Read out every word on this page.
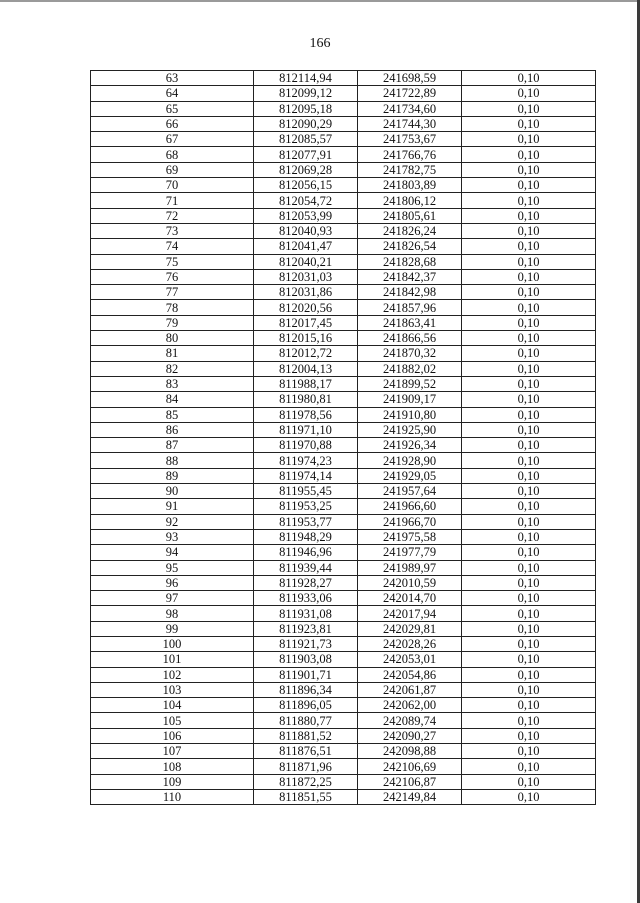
166
63	812114,94	241698,59	0,10
64	812099,12	241722,89	0,10
65	812095,18	241734,60	0,10
66	812090,29	241744,30	0,10
67	812085,57	241753,67	0,10
68	812077,91	241766,76	0,10
69	812069,28	241782,75	0,10
70	812056,15	241803,89	0,10
71	812054,72	241806,12	0,10
72	812053,99	241805,61	0,10
73	812040,93	241826,24	0,10
74	812041,47	241826,54	0,10
75	812040,21	241828,68	0,10
76	812031,03	241842,37	0,10
77	812031,86	241842,98	0,10
78	812020,56	241857,96	0,10
79	812017,45	241863,41	0,10
80	812015,16	241866,56	0,10
81	812012,72	241870,32	0,10
82	812004,13	241882,02	0,10
83	811988,17	241899,52	0,10
84	811980,81	241909,17	0,10
85	811978,56	241910,80	0,10
86	811971,10	241925,90	0,10
87	811970,88	241926,34	0,10
88	811974,23	241928,90	0,10
89	811974,14	241929,05	0,10
90	811955,45	241957,64	0,10
91	811953,25	241966,60	0,10
92	811953,77	241966,70	0,10
93	811948,29	241975,58	0,10
94	811946,96	241977,79	0,10
95	811939,44	241989,97	0,10
96	811928,27	242010,59	0,10
97	811933,06	242014,70	0,10
98	811931,08	242017,94	0,10
99	811923,81	242029,81	0,10
100	811921,73	242028,26	0,10
101	811903,08	242053,01	0,10
102	811901,71	242054,86	0,10
103	811896,34	242061,87	0,10
104	811896,05	242062,00	0,10
105	811880,77	242089,74	0,10
106	811881,52	242090,27	0,10
107	811876,51	242098,88	0,10
108	811871,96	242106,69	0,10
109	811872,25	242106,87	0,10
110	811851,55	242149,84	0,10
